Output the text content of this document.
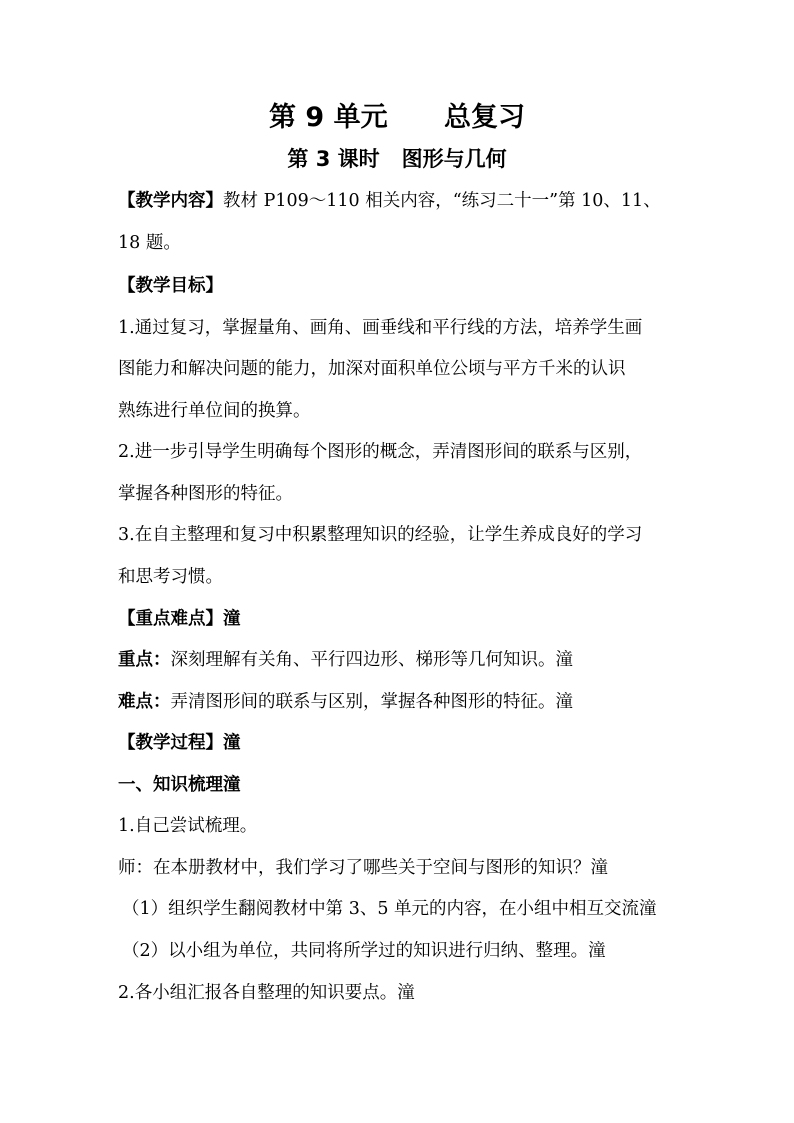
第 9 单元      总复习
第 3 课时   图形与几何
【教学内容】教材 P109～110 相关内容，“练习二十一”第 10、11、
18 题。
【教学目标】
1.通过复习，掌握量角、画角、画垂线和平行线的方法，培养学生画
图能力和解决问题的能力，加深对面积单位公顷与平方千米的认识
熟练进行单位间的换算。
2.进一步引导学生明确每个图形的概念，弄清图形间的联系与区别，
掌握各种图形的特征。
3.在自主整理和复习中积累整理知识的经验，让学生养成良好的学习
和思考习惯。
【重点难点】潼
重点：深刻理解有关角、平行四边形、梯形等几何知识。潼
难点：弄清图形间的联系与区别，掌握各种图形的特征。潼
【教学过程】潼
一、知识梳理潼
1.自己尝试梳理。
师：在本册教材中，我们学习了哪些关于空间与图形的知识？潼
（1）组织学生翻阅教材中第 3、5 单元的内容，在小组中相互交流潼
（2）以小组为单位，共同将所学过的知识进行归纳、整理。潼
2.各小组汇报各自整理的知识要点。潼
